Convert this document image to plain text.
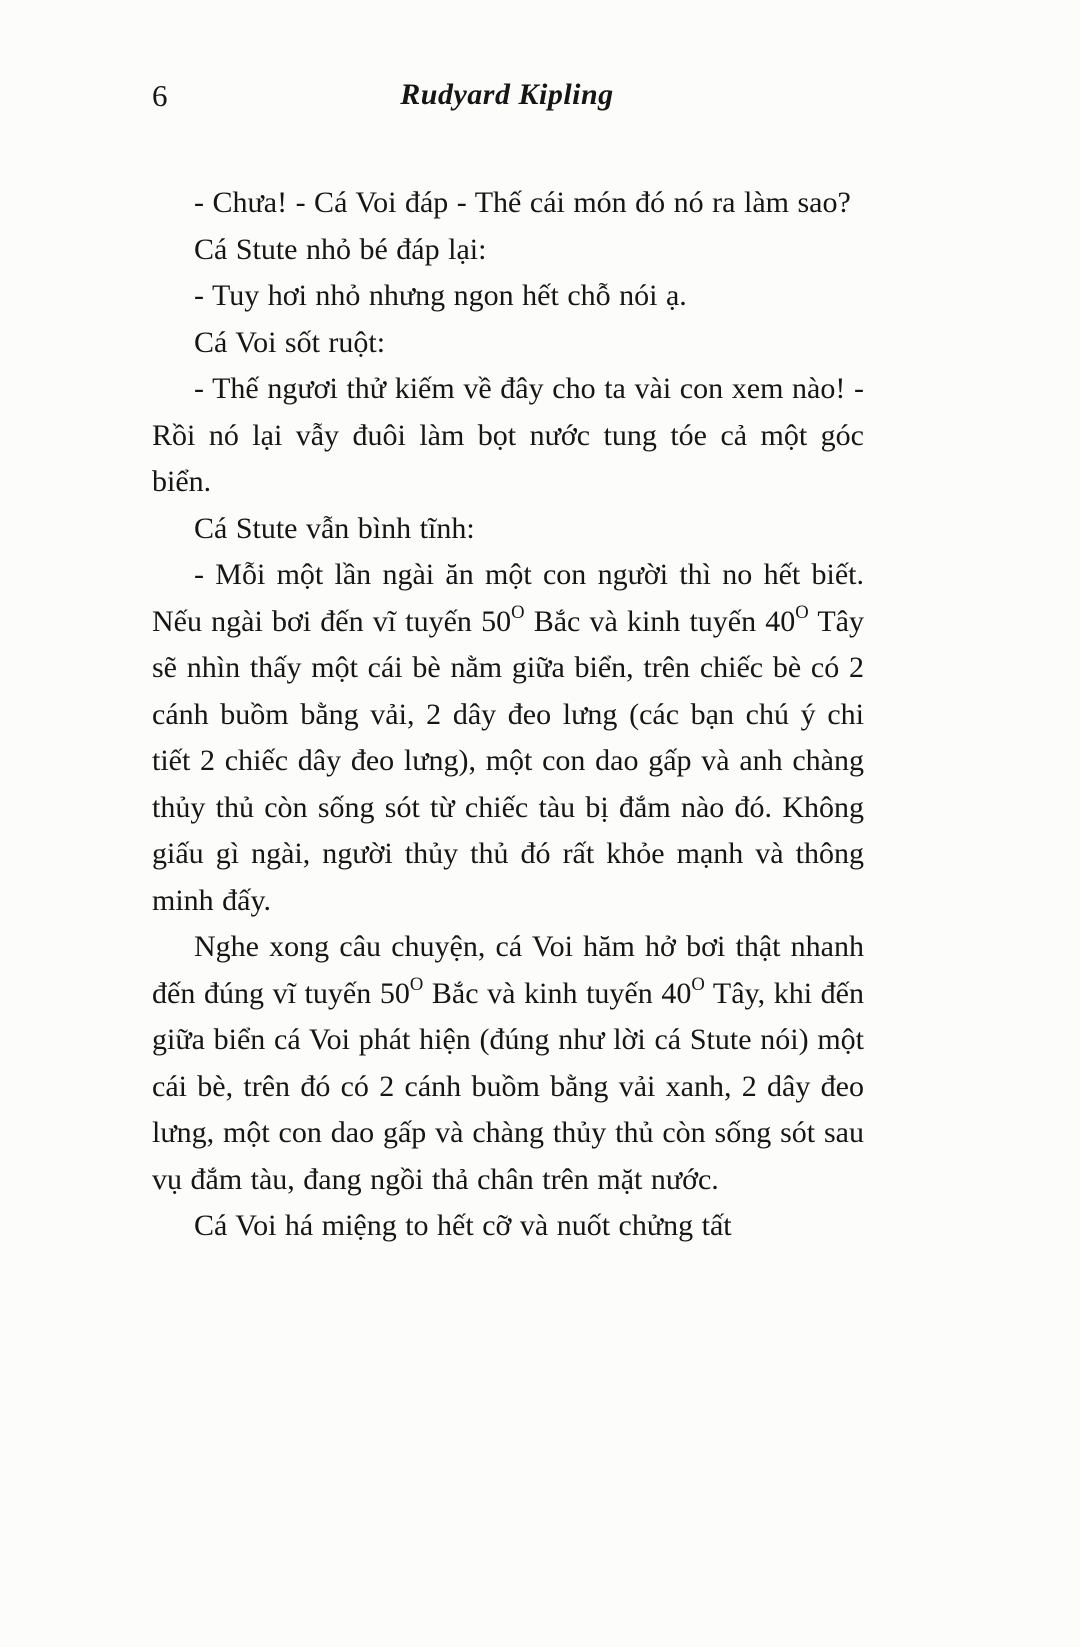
6	Rudyard Kipling

- Chưa! - Cá Voi đáp - Thế cái món đó nó ra làm sao?

Cá Stute nhỏ bé đáp lại:

- Tuy hơi nhỏ nhưng ngon hết chỗ nói ạ.

Cá Voi sốt ruột:

- Thế ngươi thử kiếm về đây cho ta vài con xem nào! - Rồi nó lại vẫy đuôi làm bọt nước tung tóe cả một góc biển.

Cá Stute vẫn bình tĩnh:

- Mỗi một lần ngài ăn một con người thì no hết biết. Nếu ngài bơi đến vĩ tuyến $50^O$ Bắc và kinh tuyến $40^O$ Tây sẽ nhìn thấy một cái bè nằm giữa biển, trên chiếc bè có 2 cánh buồm bằng vải, 2 dây đeo lưng (các bạn chú ý chi tiết 2 chiếc dây đeo lưng), một con dao gấp và anh chàng thủy thủ còn sống sót từ chiếc tàu bị đắm nào đó. Không giấu gì ngài, người thủy thủ đó rất khỏe mạnh và thông minh đấy.

Nghe xong câu chuyện, cá Voi hăm hở bơi thật nhanh đến đúng vĩ tuyến $50^O$ Bắc và kinh tuyến $40^O$ Tây, khi đến giữa biển cá Voi phát hiện (đúng như lời cá Stute nói) một cái bè, trên đó có 2 cánh buồm bằng vải xanh, 2 dây đeo lưng, một con dao gấp và chàng thủy thủ còn sống sót sau vụ đắm tàu, đang ngồi thả chân trên mặt nước.

Cá Voi há miệng to hết cỡ và nuốt chửng tất
